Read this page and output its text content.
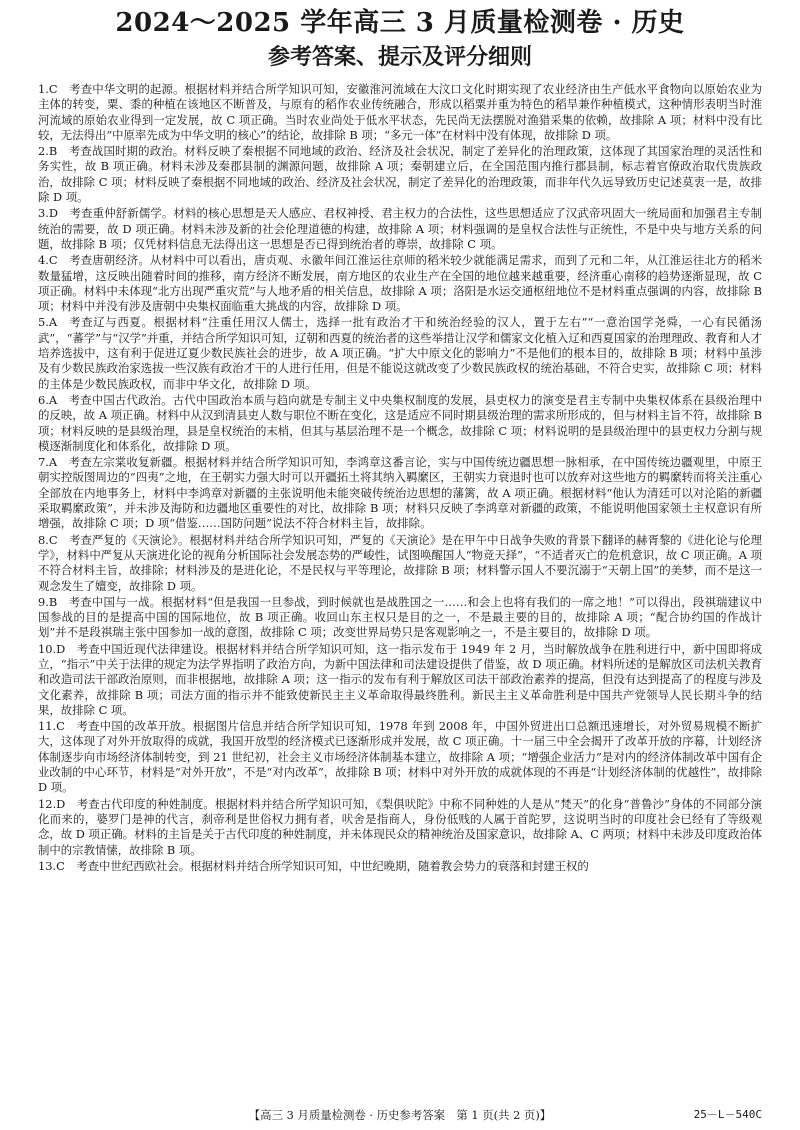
2024～2025 学年高三 3 月质量检测卷 · 历史
参考答案、提示及评分细则

1.C  考查中华文明的起源。根据材料并结合所学知识可知，安徽淮河流域在大汶口文化时期实现了农业经济由生产低水平食物向以原始农业为主体的转变，粟、黍的种植在该地区不断普及，与原有的稻作农业传统融合，形成以稻粟并重为特色的稻旱兼作种植模式，这种情形表明当时淮河流域的原始农业得到一定发展，故 C 项正确。当时农业尚处于低水平状态，先民尚无法摆脱对渔猎采集的依赖，故排除 A 项；材料中没有比较，无法得出“中原率先成为中华文明的核心”的结论，故排除 B 项；“多元一体”在材料中没有体现，故排除 D 项。

2.B  考查战国时期的政治。材料反映了秦根据不同地域的政治、经济及社会状况，制定了差异化的治理政策，这体现了其国家治理的灵活性和务实性，故 B 项正确。材料未涉及秦郡县制的渊源问题，故排除 A 项；秦朝建立后，在全国范围内推行郡县制，标志着官僚政治取代贵族政治，故排除 C 项；材料反映了秦根据不同地域的政治、经济及社会状况，制定了差异化的治理政策，而非年代久远导致历史记述莫衷一是，故排除 D 项。

3.D  考查重仲舒新儒学。材料的核心思想是天人感应、君权神授、君主权力的合法性，这些思想适应了汉武帝巩固大一统局面和加强君主专制统治的需要，故 D 项正确。材料未涉及新的社会伦理道德的构建，故排除 A 项；材料强调的是皇权合法性与正统性，不是中央与地方关系的问题，故排除 B 项；仅凭材料信息无法得出这一思想是否已得到统治者的尊崇，故排除 C 项。

4.C  考查唐朝经济。从材料中可以看出，唐贞观、永徽年间江淮运往京师的稻米较少就能满足需求，而到了元和二年，从江淮运往北方的稻米数量猛增，这反映出随着时间的推移，南方经济不断发展，南方地区的农业生产在全国的地位越来越重要，经济重心南移的趋势逐渐显现，故 C 项正确。材料中未体现“北方出现严重灾荒”与人地矛盾的相关信息，故排除 A 项；洛阳是水运交通枢纽地位不是材料重点强调的内容，故排除 B 项；材料中并没有涉及唐朝中央集权面临重大挑战的内容，故排除 D 项。

5.A  考查辽与西夏。根据材料“注重任用汉人儒士，选择一批有政治才干和统治经验的汉人，置于左右”“一意治国学尧舜，一心有民循汤武”，“蕃学”与“汉学”并重，并结合所学知识可知，辽朝和西夏的统治者的这些举措让汉学和儒家文化植入辽和西夏国家的治理理政、教育和人才培养选拔中，这有利于促进辽夏少数民族社会的进步，故 A 项正确。“扩大中原文化的影响力”不是他们的根本目的，故排除 B 项；材料中虽涉及有少数民族政治家选拔一些汉族有政治才干的人进行任用，但是不能说这就改变了少数民族政权的统治基础，不符合史实，故排除 C 项；材料的主体是少数民族政权，而非中华文化，故排除 D 项。

6.A  考查中国古代政治。古代中国政治本质与趋向就是专制主义中央集权制度的发展，县吏权力的演变是君主专制中央集权体系在县级治理中的反映，故 A 项正确。材料中从汉到清县吏人数与职位不断在变化，这是适应不同时期县级治理的需求所形成的，但与材料主旨不符，故排除 B 项；材料反映的是县级治理，县是皇权统治的末梢，但其与基层治理不是一个概念，故排除 C 项；材料说明的是县级治理中的县吏权力分割与规模逐渐制度化和体系化，故排除 D 项。

7.A  考查左宗棠收复新疆。根据材料并结合所学知识可知，李鸿章这番言论，实与中国传统边疆思想一脉相承，在中国传统边疆观里，中原王朝实控版图周边的“四夷”之地，在王朝实力强大时可以开疆拓土将其纳入羁縻区，王朝实力衰退时也可以放弃对这些地方的羁縻转而将关注重心全部放在内地事务上，材料中李鸿章对新疆的主张说明他未能突破传统治边思想的藩篱，故 A 项正确。根据材料“他认为清廷可以对沦陷的新疆采取羁縻政策”，并未涉及海防和边疆地区重要性的对比，故排除 B 项；材料只反映了李鸿章对新疆的政策，不能说明他国家领土主权意识有所增强，故排除 C 项；D 项“借鉴……国防问题”说法不符合材料主旨，故排除。

8.C  考查严复的《天演论》。根据材料并结合所学知识可知，严复的《天演论》是在甲午中日战争失败的背景下翻译的赫胥黎的《进化论与伦理学》，材料中严复从天演进化论的视角分析国际社会发展态势的严峻性，试图唤醒国人“物竞天择”，“不适者灭亡的危机意识，故 C 项正确。A 项不符合材料主旨，故排除；材料涉及的是进化论，不是民权与平等理论，故排除 B 项；材料警示国人不要沉溺于“天朝上国”的美梦，而不是这一观念发生了嬗变，故排除 D 项。

9.B  考查中国与一战。根据材料“但是我国一旦参战，到时候就也是战胜国之一……和会上也将有我们的一席之地！”可以得出，段祺瑞建议中国参战的目的是提高中国的国际地位，故 B 项正确。收回山东主权只是目的之一，不是最主要的目的，故排除 A 项；“配合协约国的作战计划”并不是段祺瑞主张中国参加一战的意图，故排除 C 项；改变世界局势只是客观影响之一，不是主要目的，故排除 D 项。

10.D  考查中国近现代法律建设。根据材料并结合所学知识可知，这一指示发布于 1949 年 2 月，当时解放战争在胜利进行中，新中国即将成立，“指示”中关于法律的规定为法学界指明了政治方向，为新中国法律和司法建设提供了借鉴，故 D 项正确。材料所述的是解放区司法机关教育和改造司法干部政治原则，而非根据地，故排除 A 项；这一指示的发布有利于解放区司法干部政治素养的提高，但没有达到提高了的程度与涉及文化素养，故排除 B 项；司法方面的指示并不能致使新民主主义革命取得最终胜利。新民主主义革命胜利是中国共产党领导人民长期斗争的结果，故排除 C 项。

11.C  考查中国的改革开放。根据图片信息并结合所学知识可知，1978 年到 2008 年，中国外贸进出口总额迅速增长，对外贸易规模不断扩大，这体现了对外开放取得的成就，我国开放型的经济模式已逐渐形成并发展，故 C 项正确。十一届三中全会揭开了改革开放的序幕，计划经济体制逐步向市场经济体制转变，到 21 世纪初，社会主义市场经济体制基本建立，故排除 A 项；“增强企业活力”是对内的经济体制改革中国有企业改制的中心环节，材料是“对外开放”，不是“对内改革”，故排除 B 项；材料中对外开放的成就体现的不再是“计划经济体制的优越性”，故排除 D 项。

12.D  考查古代印度的种姓制度。根据材料并结合所学知识可知，《梨俱吠陀》中称不同种姓的人是从“梵天”的化身“普鲁沙”身体的不同部分演化而来的，婆罗门是神的代言，刹帝利是世俗权力拥有者，吠舍是指商人，身份低贱的人属于首陀罗，这说明当时的印度社会已经有了等级观念，故 D 项正确。材料的主旨是关于古代印度的种姓制度，并未体现民众的精神统治及国家意识，故排除 A、C 两项；材料中未涉及印度政治体制中的宗教情愫，故排除 B 项。

13.C  考查中世纪西欧社会。根据材料并结合所学知识可知，中世纪晚期，随着教会势力的衰落和封建王权的

【高三 3 月质量检测卷 · 历史参考答案　第 1 页(共 2 页)】	25－L－540C
